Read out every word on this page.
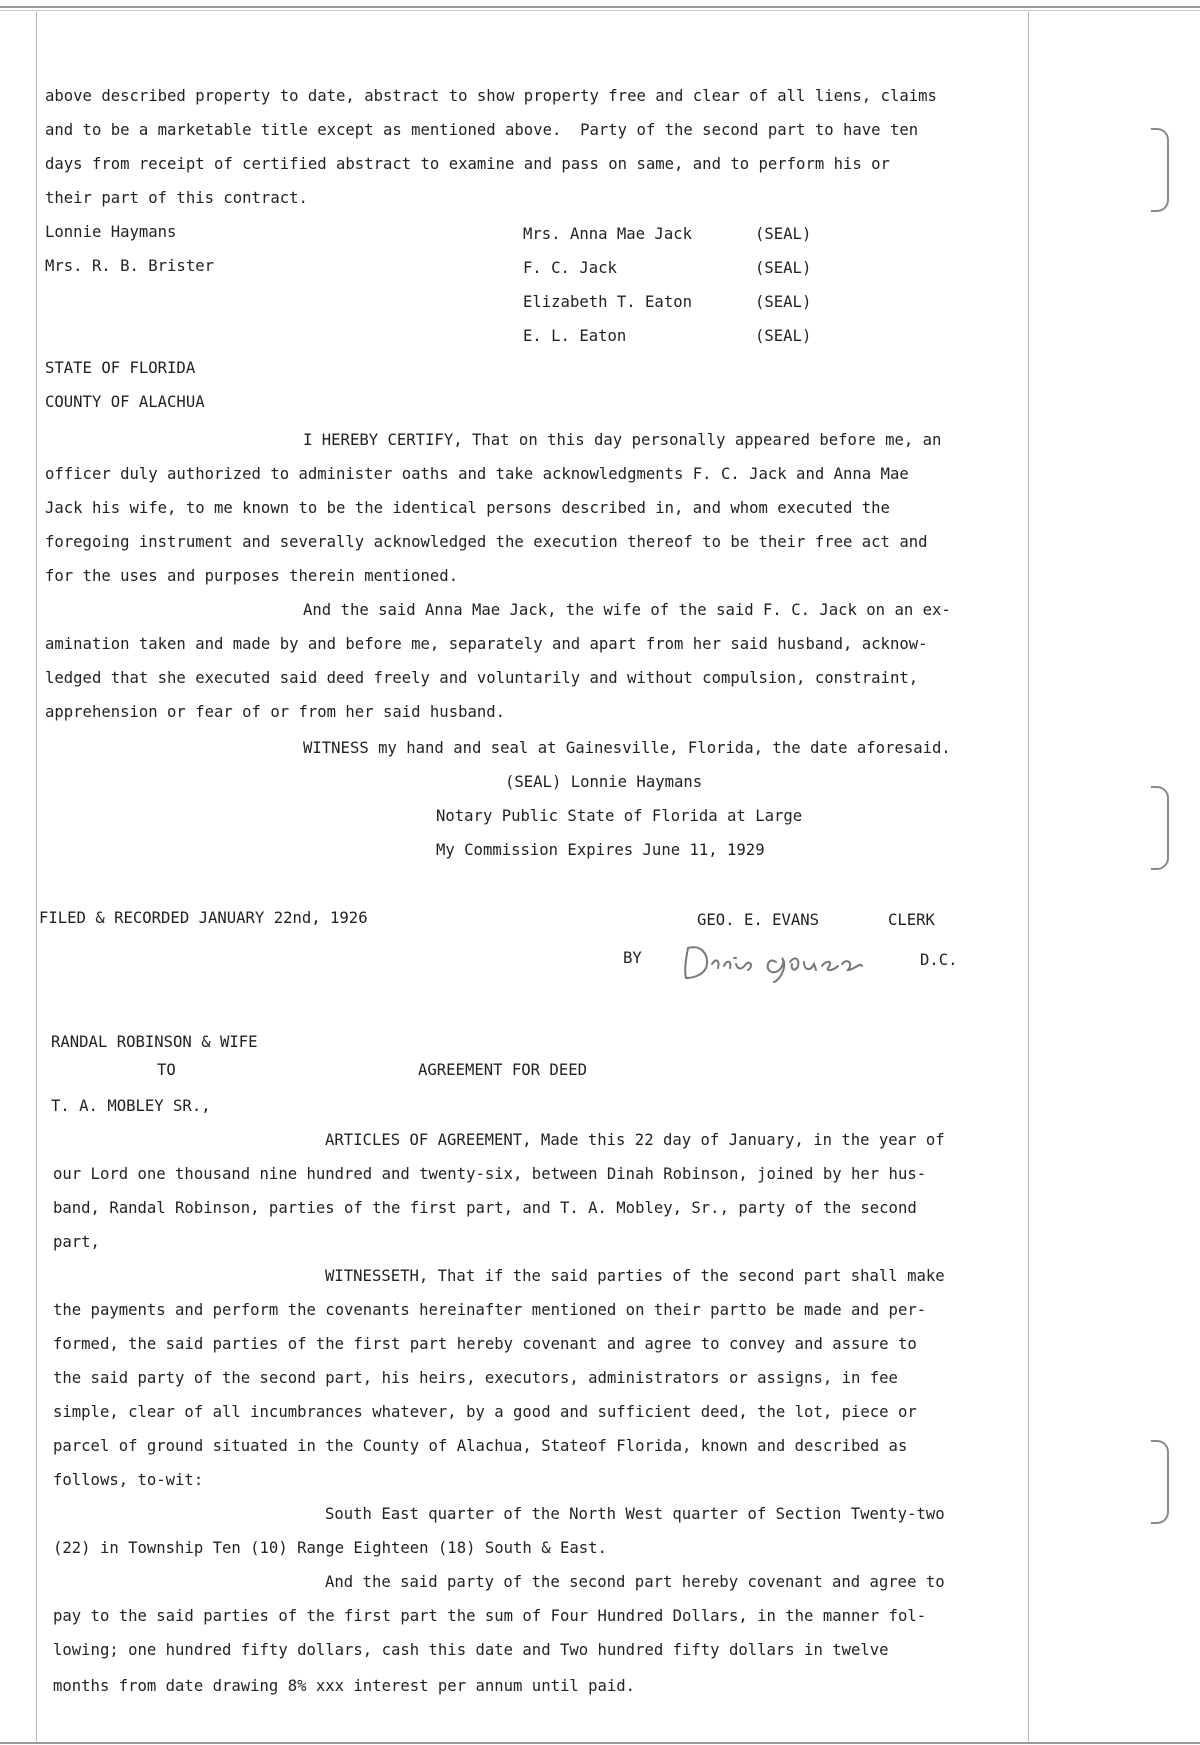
above described property to date, abstract to show property free and clear of all liens, claims
and to be a marketable title except as mentioned above.  Party of the second part to have ten
days from receipt of certified abstract to examine and pass on same, and to perform his or
their part of this contract.
Lonnie Haymans
Mrs. R. B. Brister
Mrs. Anna Mae Jack	(SEAL)
F. C. Jack	(SEAL)
Elizabeth T. Eaton	(SEAL)
E. L. Eaton	(SEAL)
STATE OF FLORIDA
COUNTY OF ALACHUA
I HEREBY CERTIFY, That on this day personally appeared before me, an
officer duly authorized to administer oaths and take acknowledgments F. C. Jack and Anna Mae
Jack his wife, to me known to be the identical persons described in, and whom executed the
foregoing instrument and severally acknowledged the execution thereof to be their free act and
for the uses and purposes therein mentioned.
And the said Anna Mae Jack, the wife of the said F. C. Jack on an ex-
amination taken and made by and before me, separately and apart from her said husband, acknow-
ledged that she executed said deed freely and voluntarily and without compulsion, constraint,
apprehension or fear of or from her said husband.
WITNESS my hand and seal at Gainesville, Florida, the date aforesaid.
(SEAL) Lonnie Haymans
Notary Public State of Florida at Large
My Commission Expires June 11, 1929
FILED & RECORDED JANUARY 22nd, 1926	GEO. E. EVANS	CLERK
BY	D.C.
RANDAL ROBINSON & WIFE
TO	AGREEMENT FOR DEED
T. A. MOBLEY SR.,
ARTICLES OF AGREEMENT, Made this 22 day of January, in the year of
our Lord one thousand nine hundred and twenty-six, between Dinah Robinson, joined by her hus-
band, Randal Robinson, parties of the first part, and T. A. Mobley, Sr., party of the second
part,
WITNESSETH, That if the said parties of the second part shall make
the payments and perform the covenants hereinafter mentioned on their partto be made and per-
formed, the said parties of the first part hereby covenant and agree to convey and assure to
the said party of the second part, his heirs, executors, administrators or assigns, in fee
simple, clear of all incumbrances whatever, by a good and sufficient deed, the lot, piece or
parcel of ground situated in the County of Alachua, Stateof Florida, known and described as
follows, to-wit:
South East quarter of the North West quarter of Section Twenty-two
(22) in Township Ten (10) Range Eighteen (18) South & East.
And the said party of the second part hereby covenant and agree to
pay to the said parties of the first part the sum of Four Hundred Dollars, in the manner fol-
lowing; one hundred fifty dollars, cash this date and Two hundred fifty dollars in twelve
months from date drawing 8% xxx interest per annum until paid.
